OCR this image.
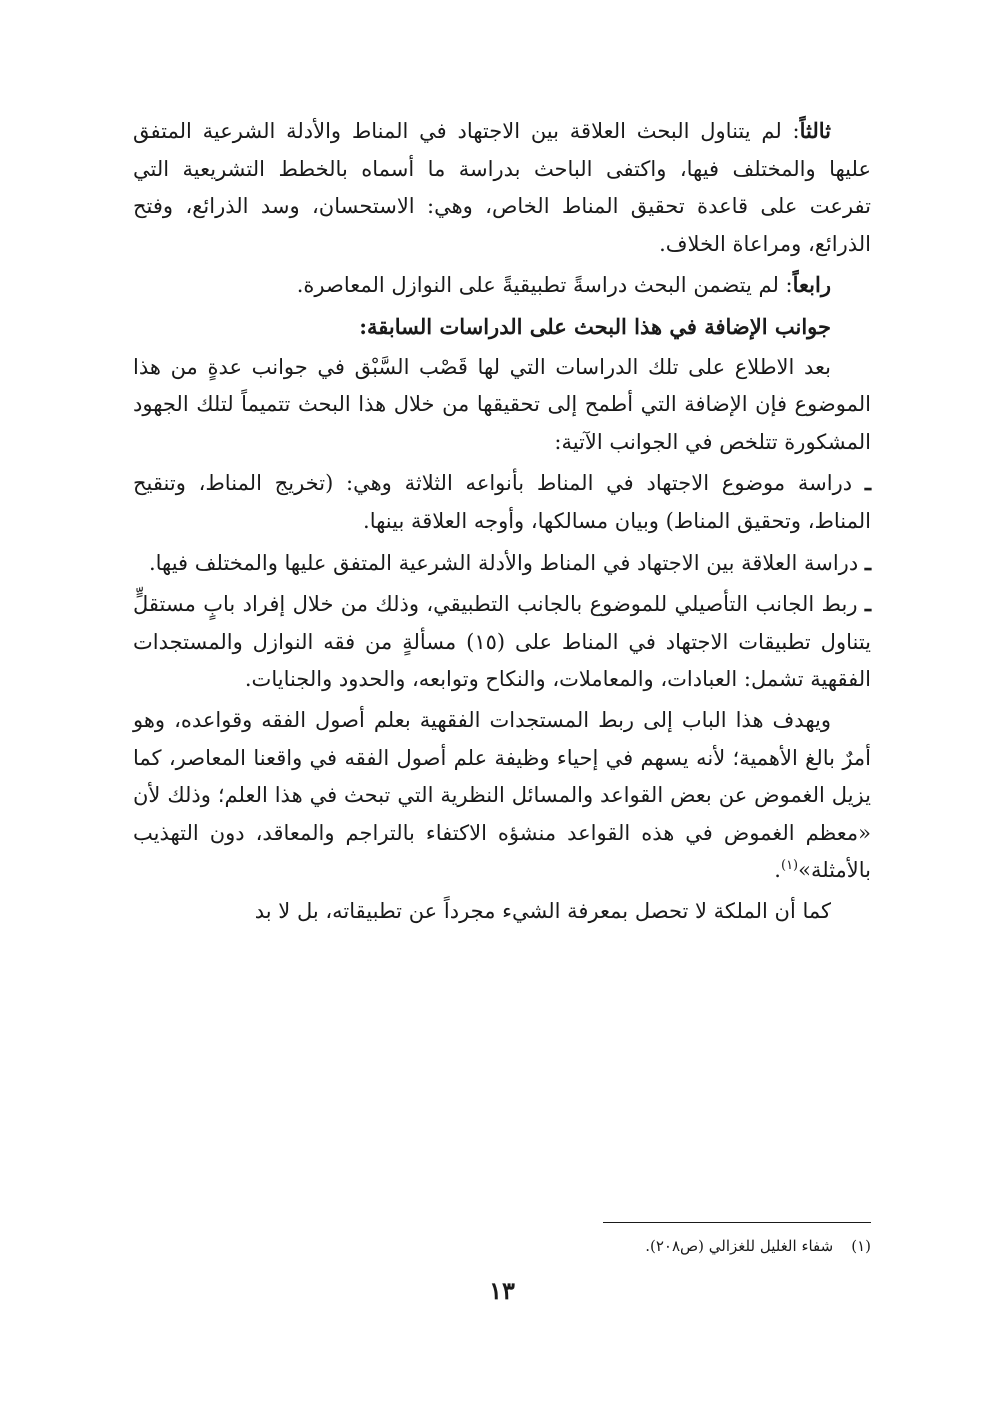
ثالثاً: لم يتناول البحث العلاقة بين الاجتهاد في المناط والأدلة الشرعية المتفق عليها والمختلف فيها، واكتفى الباحث بدراسة ما أسماه بالخطط التشريعية التي تفرعت على قاعدة تحقيق المناط الخاص، وهي: الاستحسان، وسد الذرائع، وفتح الذرائع، ومراعاة الخلاف.

رابعاً: لم يتضمن البحث دراسةً تطبيقيةً على النوازل المعاصرة.

جوانب الإضافة في هذا البحث على الدراسات السابقة:

بعد الاطلاع على تلك الدراسات التي لها قَصْب السَّبْق في جوانب عدةٍ من هذا الموضوع فإن الإضافة التي أطمح إلى تحقيقها من خلال هذا البحث تتميماً لتلك الجهود المشكورة تتلخص في الجوانب الآتية:

ـ دراسة موضوع الاجتهاد في المناط بأنواعه الثلاثة وهي: (تخريج المناط، وتنقيح المناط، وتحقيق المناط) وبيان مسالكها، وأوجه العلاقة بينها.

ـ دراسة العلاقة بين الاجتهاد في المناط والأدلة الشرعية المتفق عليها والمختلف فيها.

ـ ربط الجانب التأصيلي للموضوع بالجانب التطبيقي، وذلك من خلال إفراد بابٍ مستقلٍّ يتناول تطبيقات الاجتهاد في المناط على (١٥) مسألةٍ من فقه النوازل والمستجدات الفقهية تشمل: العبادات، والمعاملات، والنكاح وتوابعه، والحدود والجنايات.

ويهدف هذا الباب إلى ربط المستجدات الفقهية بعلم أصول الفقه وقواعده، وهو أمرٌ بالغ الأهمية؛ لأنه يسهم في إحياء وظيفة علم أصول الفقه في واقعنا المعاصر، كما يزيل الغموض عن بعض القواعد والمسائل النظرية التي تبحث في هذا العلم؛ وذلك لأن «معظم الغموض في هذه القواعد منشؤه الاكتفاء بالتراجم والمعاقد، دون التهذيب بالأمثلة»$^{(١)}$.

كما أن الملكة لا تحصل بمعرفة الشيء مجرداً عن تطبيقاته، بل لا بد

(١)شفاء الغليل للغزالي (ص٢٠٨).
١٣
